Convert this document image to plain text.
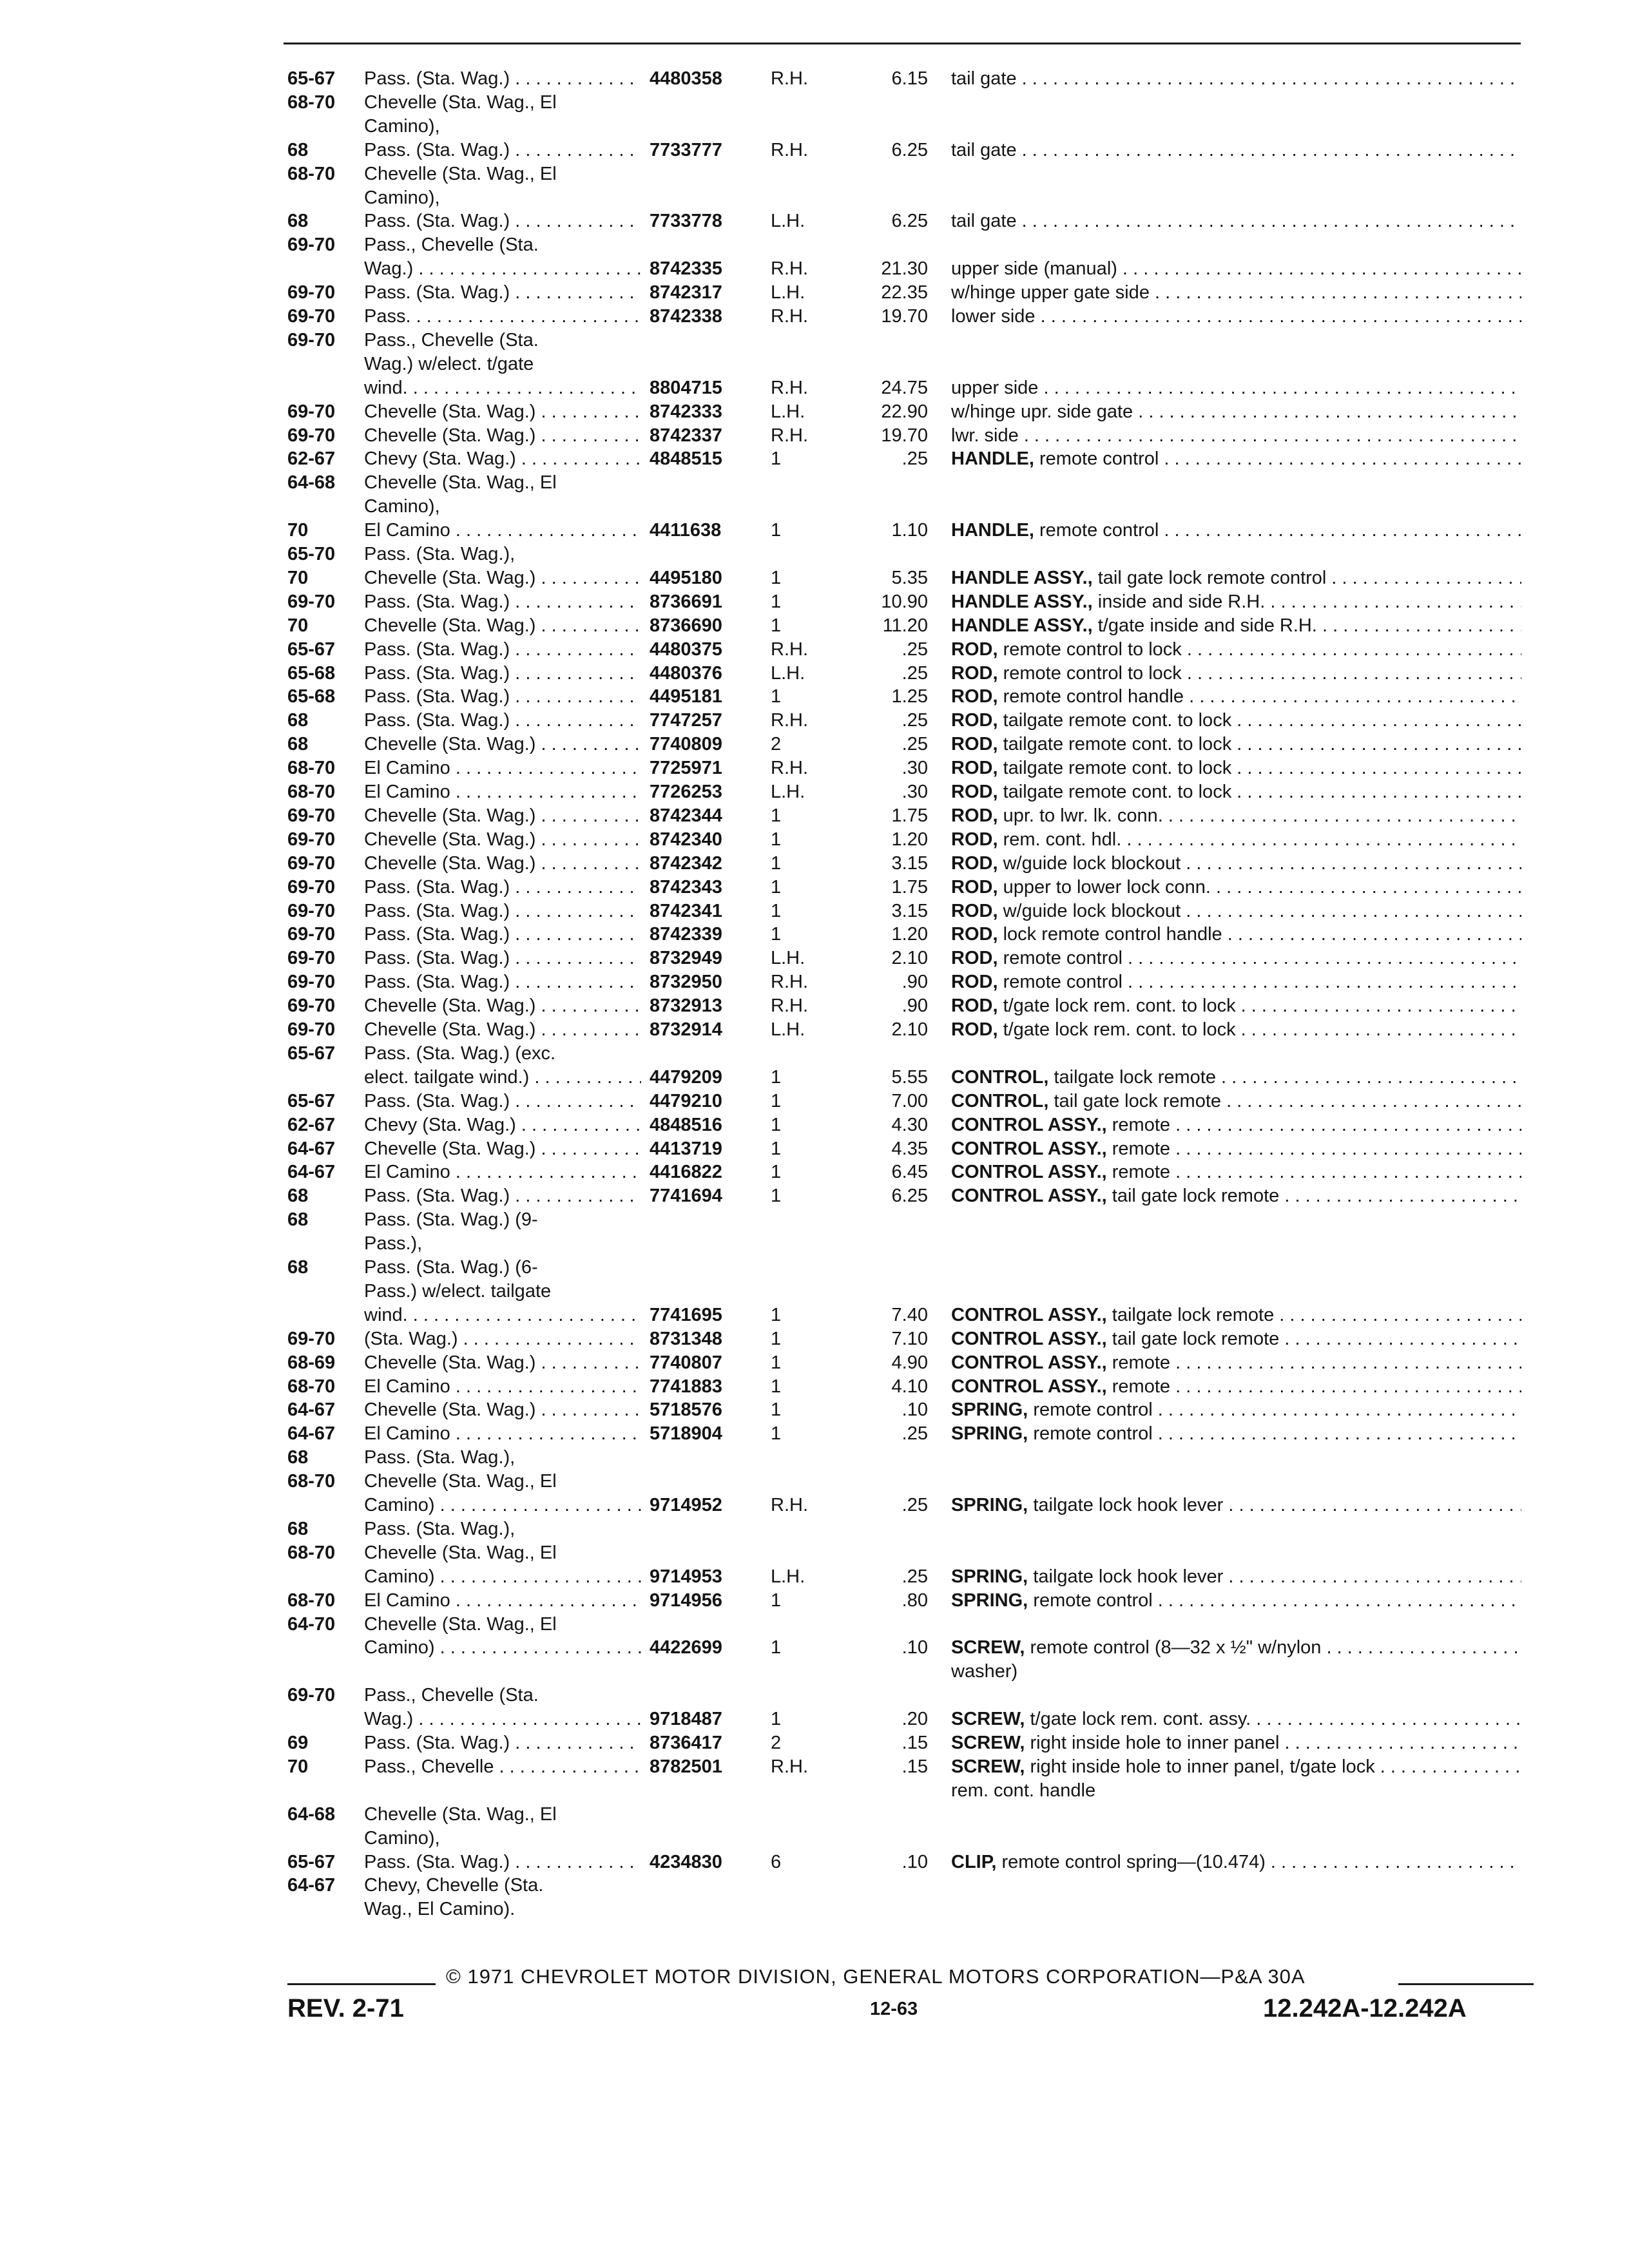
65-67	Pass. (Sta. Wag.) . . .	4480358	R.H.	6.15 tail gate . . .
68-70	Chevelle (Sta. Wag., El
Camino),
68	Pass. (Sta. Wag.) . . .	7733777	R.H.	6.25 tail gate . . .
68-70	Chevelle (Sta. Wag., El
Camino),
68	Pass. (Sta. Wag.) . . .	7733778	L.H.	6.25 tail gate . . .
69-70	Pass., Chevelle (Sta.
Wag.) . . .	8742335	R.H.	21.30 upper side (manual) . . .
69-70	Pass. (Sta. Wag.) . . .	8742317	L.H.	22.35 w/hinge upper gate side . . .
69-70	Pass. . . .	8742338	R.H.	19.70 lower side . . .
69-70	Pass., Chevelle (Sta.
Wag.) w/elect. t/gate
wind. . . .	8804715	R.H.	24.75 upper side . . .
69-70	Chevelle (Sta. Wag.) . . .	8742333	L.H.	22.90 w/hinge upr. side gate . . .
69-70	Chevelle (Sta. Wag.) . . .	8742337	R.H.	19.70 lwr. side . . .
62-67	Chevy (Sta. Wag.) . . .	4848515	1	.25 HANDLE, remote control . . .
64-68	Chevelle (Sta. Wag., El
Camino),
70	El Camino . . .	4411638	1	1.10 HANDLE, remote control . . .
65-70	Pass. (Sta. Wag.),
70	Chevelle (Sta. Wag.) . . .	4495180	1	5.35 HANDLE ASSY., tail gate lock remote control . . .
69-70	Pass. (Sta. Wag.) . . .	8736691	1	10.90 HANDLE ASSY., inside and side R.H. . . .
70	Chevelle (Sta. Wag.) . . .	8736690	1	11.20 HANDLE ASSY., t/gate inside and side R.H. . . .
65-67	Pass. (Sta. Wag.) . . .	4480375	R.H.	.25 ROD, remote control to lock . . .
65-68	Pass. (Sta. Wag.) . . .	4480376	L.H.	.25 ROD, remote control to lock . . .
65-68	Pass. (Sta. Wag.) . . .	4495181	1	1.25 ROD, remote control handle . . .
68	Pass. (Sta. Wag.) . . .	7747257	R.H.	.25 ROD, tailgate remote cont. to lock . . .
68	Chevelle (Sta. Wag.) . . .	7740809	2	.25 ROD, tailgate remote cont. to lock . . .
68-70	El Camino . . .	7725971	R.H.	.30 ROD, tailgate remote cont. to lock . . .
68-70	El Camino . . .	7726253	L.H.	.30 ROD, tailgate remote cont. to lock . . .
69-70	Chevelle (Sta. Wag.) . . .	8742344	1	1.75 ROD, upr. to lwr. lk. conn. . . .
69-70	Chevelle (Sta. Wag.) . . .	8742340	1	1.20 ROD, rem. cont. hdl. . . .
69-70	Chevelle (Sta. Wag.) . . .	8742342	1	3.15 ROD, w/guide lock blockout . . .
69-70	Pass. (Sta. Wag.) . . .	8742343	1	1.75 ROD, upper to lower lock conn. . . .
69-70	Pass. (Sta. Wag.) . . .	8742341	1	3.15 ROD, w/guide lock blockout . . .
69-70	Pass. (Sta. Wag.) . . .	8742339	1	1.20 ROD, lock remote control handle . . .
69-70	Pass. (Sta. Wag.) . . .	8732949	L.H.	2.10 ROD, remote control . . .
69-70	Pass. (Sta. Wag.) . . .	8732950	R.H.	.90 ROD, remote control . . .
69-70	Chevelle (Sta. Wag.) . . .	8732913	R.H.	.90 ROD, t/gate lock rem. cont. to lock . . .
69-70	Chevelle (Sta. Wag.) . . .	8732914	L.H.	2.10 ROD, t/gate lock rem. cont. to lock . . .
65-67	Pass. (Sta. Wag.) (exc.
elect. tailgate wind.) . . .	4479209	1	5.55 CONTROL, tailgate lock remote . . .
65-67	Pass. (Sta. Wag.) . . .	4479210	1	7.00 CONTROL, tail gate lock remote . . .
62-67	Chevy (Sta. Wag.) . . .	4848516	1	4.30 CONTROL ASSY., remote . . .
64-67	Chevelle (Sta. Wag.) . . .	4413719	1	4.35 CONTROL ASSY., remote . . .
64-67	El Camino . . .	4416822	1	6.45 CONTROL ASSY., remote . . .
68	Pass. (Sta. Wag.) . . .	7741694	1	6.25 CONTROL ASSY., tail gate lock remote . . .
68	Pass. (Sta. Wag.) (9-
Pass.),
68	Pass. (Sta. Wag.) (6-
Pass.) w/elect. tailgate
wind. . . .	7741695	1	7.40 CONTROL ASSY., tailgate lock remote . . .
69-70	(Sta. Wag.) . . .	8731348	1	7.10 CONTROL ASSY., tail gate lock remote . . .
68-69	Chevelle (Sta. Wag.) . . .	7740807	1	4.90 CONTROL ASSY., remote . . .
68-70	El Camino . . .	7741883	1	4.10 CONTROL ASSY., remote . . .
64-67	Chevelle (Sta. Wag.) . . .	5718576	1	.10 SPRING, remote control . . .
64-67	El Camino . . .	5718904	1	.25 SPRING, remote control . . .
68	Pass. (Sta. Wag.),
68-70	Chevelle (Sta. Wag., El
Camino) . . .	9714952	R.H.	.25 SPRING, tailgate lock hook lever . . .
68	Pass. (Sta. Wag.),
68-70	Chevelle (Sta. Wag., El
Camino) . . .	9714953	L.H.	.25 SPRING, tailgate lock hook lever . . .
68-70	El Camino . . .	9714956	1	.80 SPRING, remote control . . .
64-70	Chevelle (Sta. Wag., El
Camino) . . .	4422699	1	.10 SCREW, remote control (8—32 x ½" w/nylon . . .
washer)
69-70	Pass., Chevelle (Sta.
Wag.) . . .	9718487	1	.20 SCREW, t/gate lock rem. cont. assy. . . .
69	Pass. (Sta. Wag.) . . .	8736417	2	.15 SCREW, right inside hole to inner panel . . .
70	Pass., Chevelle . . .	8782501	R.H.	.15 SCREW, right inside hole to inner panel, t/gate lock . . .
rem. cont. handle
64-68	Chevelle (Sta. Wag., El
Camino),
65-67	Pass. (Sta. Wag.) . . .	4234830	6	.10 CLIP, remote control spring—(10.474) . . .
64-67	Chevy, Chevelle (Sta.
Wag., El Camino).
© 1971 CHEVROLET MOTOR DIVISION, GENERAL MOTORS CORPORATION—P&A 30A
REV. 2-71	12-63	12.242A-12.242A
